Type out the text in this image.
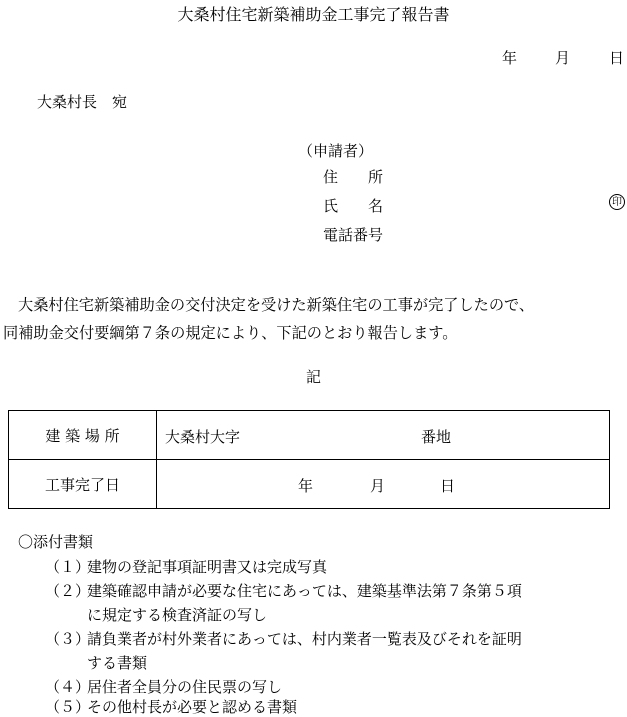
大桑村住宅新築補助金工事完了報告書
年	月	日
大桑村長　宛
（申請者）
住　　所
氏　　名	印
電話番号
大桑村住宅新築補助金の交付決定を受けた新築住宅の工事が完了したので、
同補助金交付要綱第７条の規定により、下記のとおり報告します。
記
建 築 場 所	大桑村大字 番地

工事完了日	年 月 日
〇添付書類
（１）建物の登記事項証明書又は完成写真
（２）建築確認申請が必要な住宅にあっては、建築基準法第７条第５項
に規定する検査済証の写し
（３）請負業者が村外業者にあっては、村内業者一覧表及びそれを証明
する書類
（４）居住者全員分の住民票の写し
（５）その他村長が必要と認める書類
